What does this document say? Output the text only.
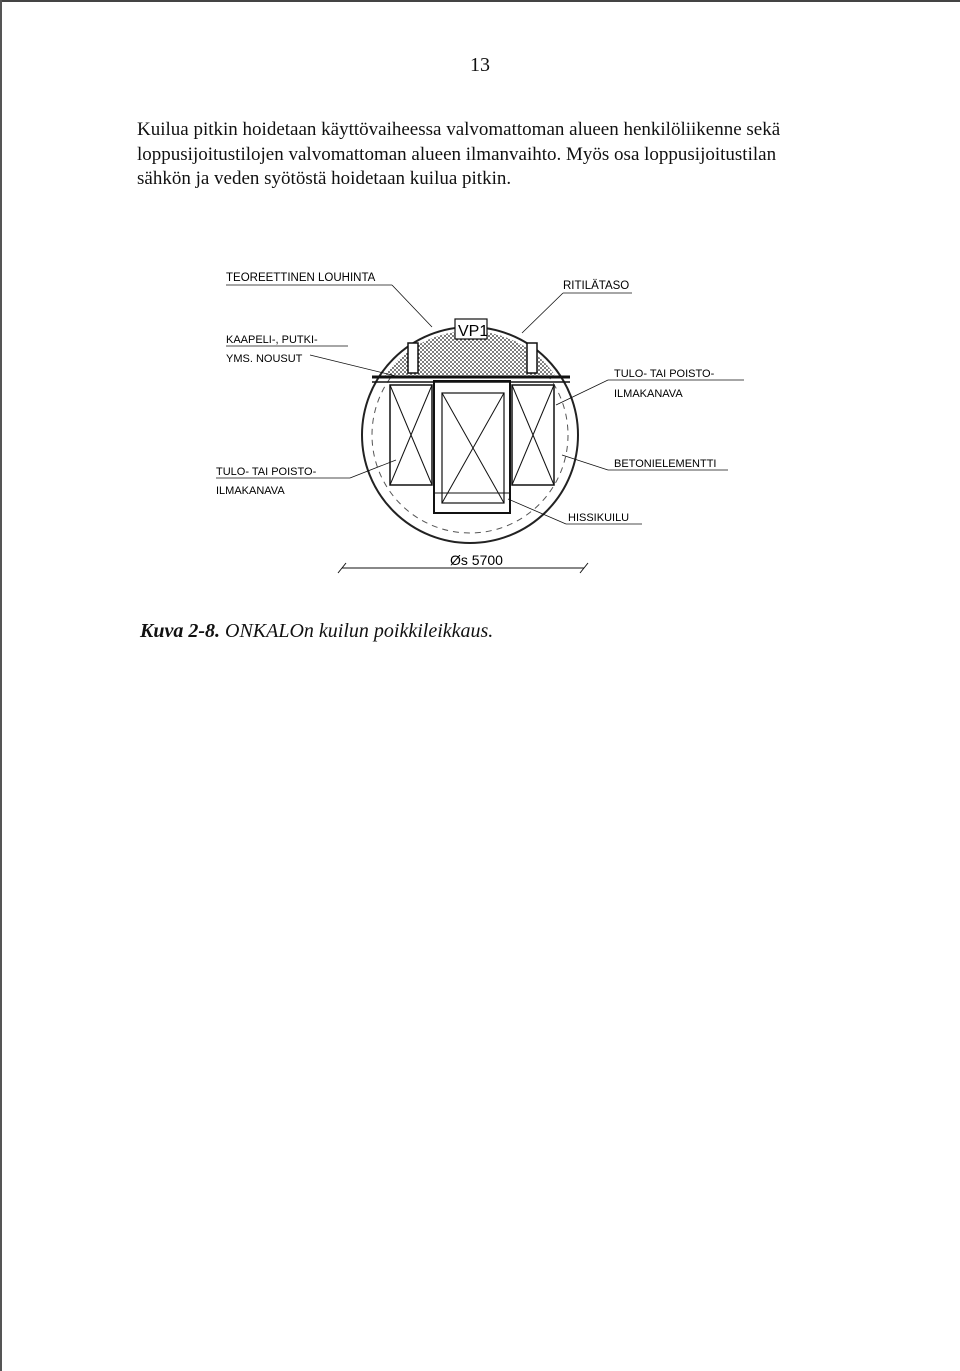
13

Kuilua pitkin hoidetaan käyttövaiheessa valvomattoman alueen henkilöliikenne sekä
loppusijoitustilojen valvomattoman alueen ilmanvaihto. Myös osa loppusijoitustilan
sähkön ja veden syötöstä hoidetaan kuilua pitkin.

VP1
Øs 5700
TEOREETTINEN LOUHINTA
RITILÄTASO
KAAPELI-, PUTKI-
YMS. NOUSUT
TULO- TAI POISTO-
ILMAKANAVA
TULO- TAI POISTO-
ILMAKANAVA
BETONIELEMENTTI
HISSIKUILU
Kuva 2-8. ONKALOn kuilun poikkileikkaus.
